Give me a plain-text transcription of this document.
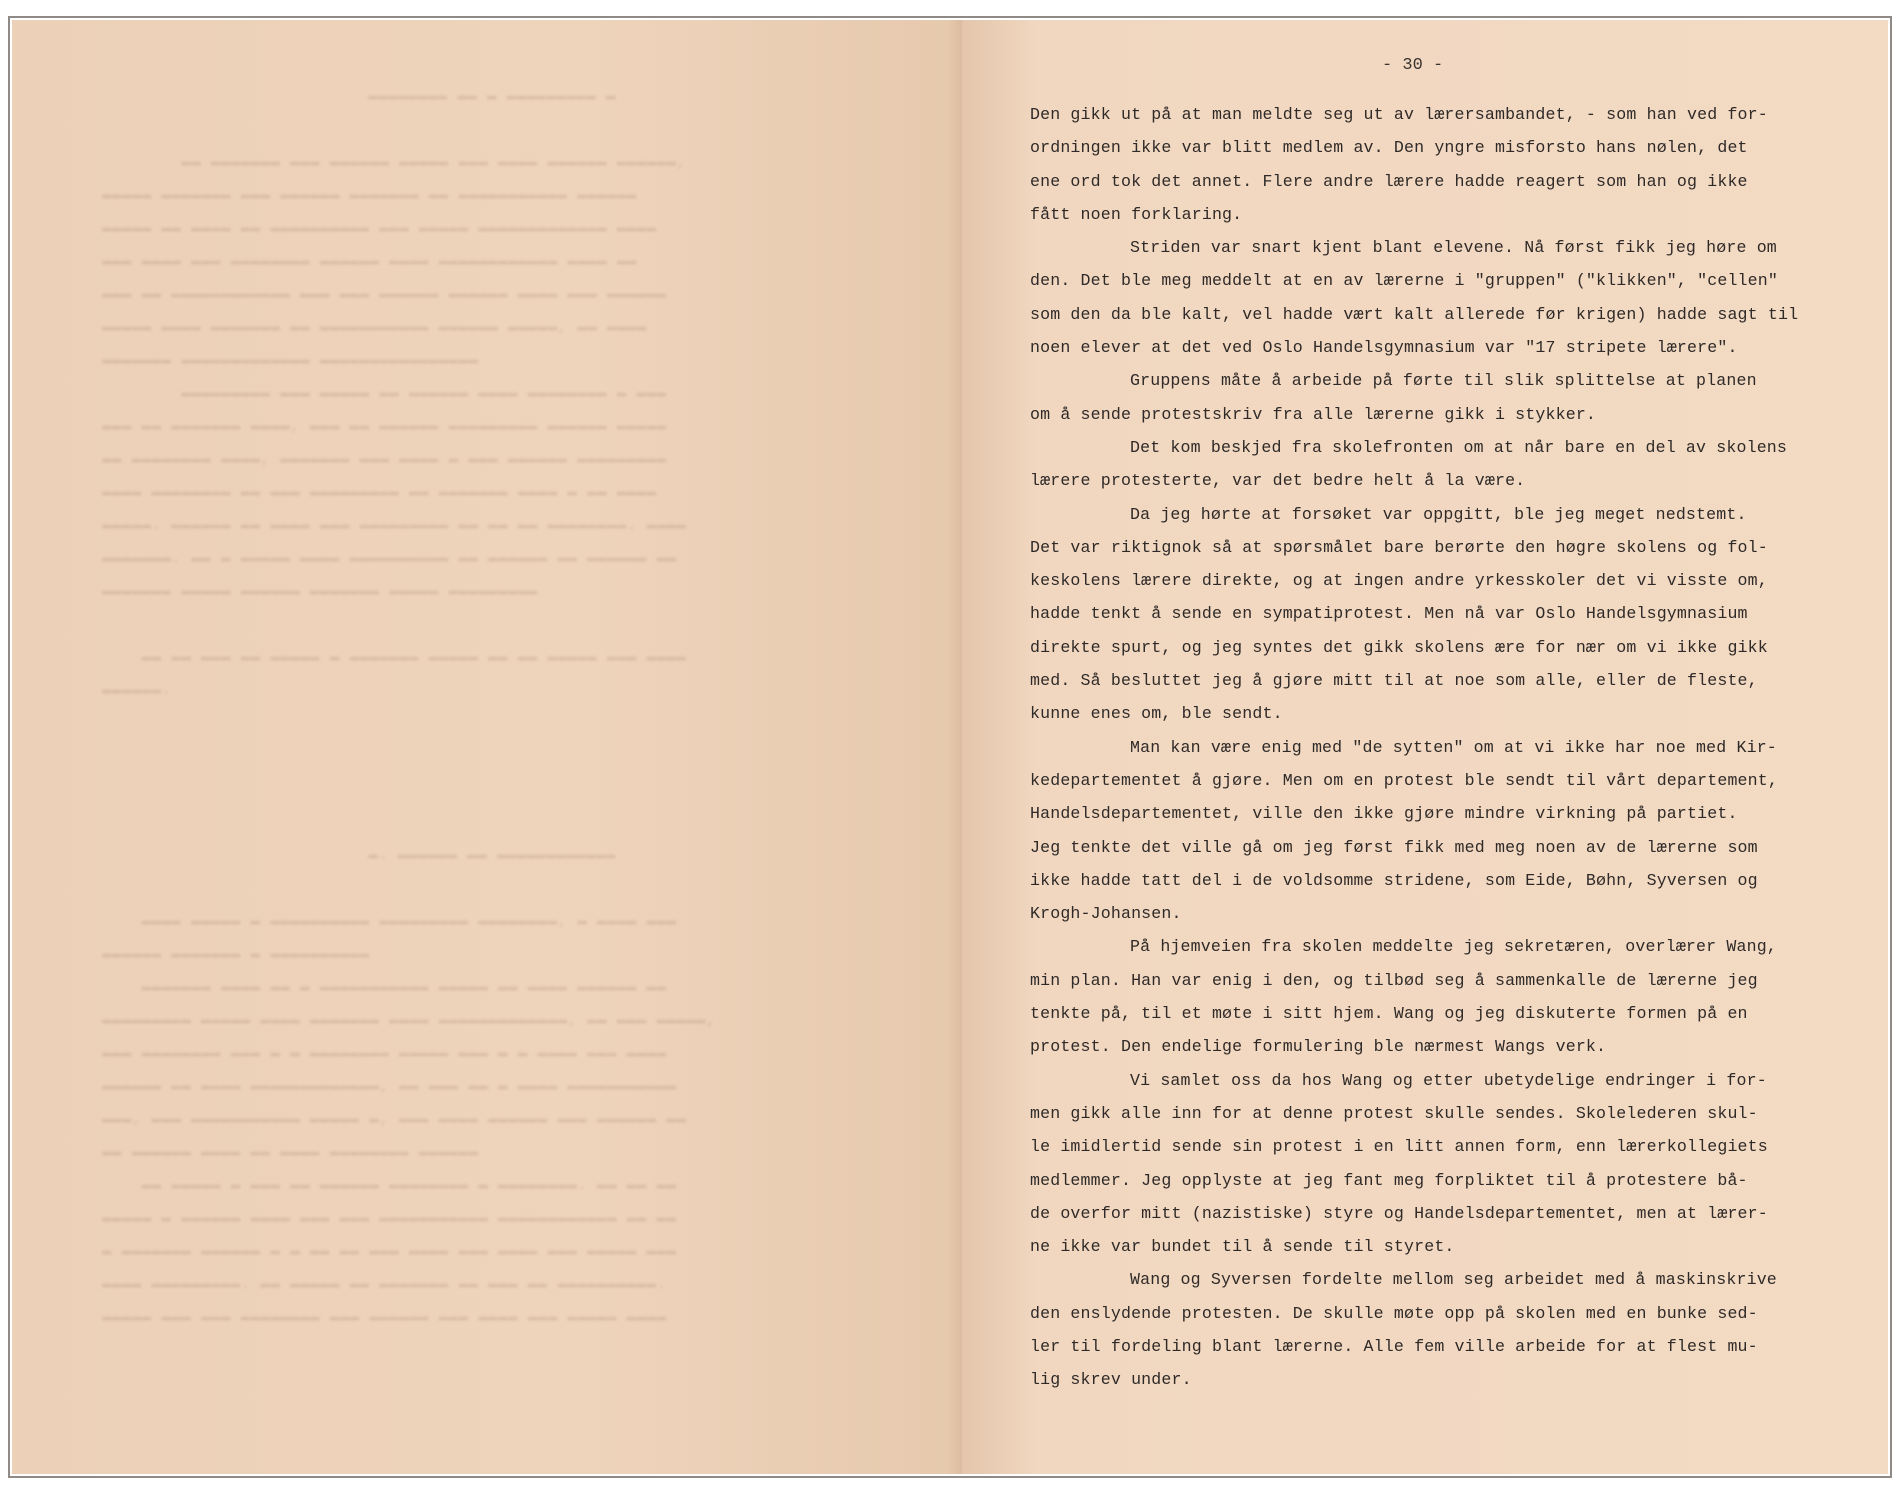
▬▬▬▬▬▬▬▬ ▬▬ ▬ ▬▬▬▬▬▬▬▬▬ ▬
▬▬ ▬▬▬▬▬▬▬ ▬▬▬ ▬▬▬▬▬▬ ▬▬▬▬▬ ▬▬▬ ▬▬▬▬ ▬▬▬▬▬▬ ▬▬▬▬▬▬,
▬▬▬▬▬ ▬▬▬▬▬▬▬ ▬▬▬ ▬▬▬▬▬▬ ▬▬▬▬▬▬▬ ▬▬ ▬▬▬▬▬▬▬▬▬▬▬ ▬▬▬▬▬▬
▬▬▬▬▬ ▬▬ ▬▬▬▬ ▬▬ ▬▬▬▬▬▬▬▬▬▬ ▬▬▬ ▬▬▬▬▬ ▬▬▬▬▬▬▬▬▬▬▬▬▬ ▬▬▬▬
▬▬▬ ▬▬▬▬ ▬▬▬ ▬▬▬▬▬▬▬▬ ▬▬▬▬▬▬ ▬▬▬▬ ▬▬▬▬▬▬▬▬▬▬▬▬ ▬▬▬▬ ▬▬
▬▬▬ ▬▬ ▬▬▬▬▬▬▬▬▬▬▬▬ ▬▬▬ ▬▬▬ ▬▬▬▬▬▬ ▬▬▬▬▬▬ ▬▬▬▬ ▬▬▬ ▬▬▬▬▬▬
▬▬▬▬▬ ▬▬▬▬ ▬▬▬▬▬▬▬ ▬▬ ▬▬▬▬▬▬▬▬▬▬▬ ▬▬▬▬▬▬ ▬▬▬▬▬, ▬▬ ▬▬▬▬
▬▬▬▬▬▬▬ ▬▬▬▬▬▬▬▬▬▬▬▬▬ ▬▬▬▬▬▬▬▬▬▬▬▬▬▬▬▬
▬▬▬▬▬▬▬▬▬ ▬▬▬ ▬▬▬▬▬ ▬▬ ▬▬▬▬▬▬ ▬▬▬▬ ▬▬▬▬▬▬▬▬ ▬ ▬▬▬
▬▬▬ ▬▬ ▬▬▬▬▬▬▬ ▬▬▬▬, ▬▬▬ ▬▬ ▬▬▬▬▬▬ ▬▬▬▬▬▬▬▬▬ ▬▬▬▬▬▬ ▬▬▬▬▬
▬▬ ▬▬▬▬▬▬▬▬ ▬▬▬▬, ▬▬▬▬▬▬▬ ▬▬▬ ▬▬▬▬ ▬ ▬▬▬ ▬▬▬▬▬▬ ▬▬▬▬▬▬▬▬▬
▬▬▬▬ ▬▬▬▬▬▬▬▬ ▬▬ ▬▬▬ ▬▬▬▬▬▬▬▬▬ ▬▬ ▬▬▬▬▬▬▬ ▬▬▬▬ ▬ ▬▬ ▬▬▬▬
▬▬▬▬▬. ▬▬▬▬▬▬ ▬▬ ▬▬▬▬ ▬▬▬ ▬▬▬▬▬▬▬▬▬ ▬▬ ▬▬ ▬▬ ▬▬▬▬▬▬▬▬. ▬▬▬▬
▬▬▬▬▬▬▬. ▬▬ ▬ ▬▬▬▬▬ ▬▬▬▬ ▬▬▬▬▬▬▬▬▬▬ ▬▬ ▬▬▬▬▬▬ ▬▬ ▬▬▬▬▬▬ ▬▬
▬▬▬▬▬▬▬ ▬▬▬▬▬ ▬▬▬▬▬▬ ▬▬▬▬▬▬▬ ▬▬▬▬▬ ▬▬▬▬▬▬▬▬▬
▬▬ ▬▬ ▬▬▬ ▬▬ ▬▬▬▬▬ ▬ ▬▬▬▬▬▬▬ ▬▬▬▬▬ ▬▬ ▬▬ ▬▬▬▬▬ ▬▬▬ ▬▬▬▬
▬▬▬▬▬▬.
▬. ▬▬▬▬▬▬ ▬▬ ▬▬▬▬▬▬▬▬▬▬▬▬
▬▬▬▬ ▬▬▬▬▬ ▬ ▬▬▬▬▬▬▬▬▬▬ ▬▬▬▬▬▬▬▬▬ ▬▬▬▬▬▬▬▬, ▬ ▬▬▬▬ ▬▬▬
▬▬▬▬▬▬ ▬▬▬▬▬▬▬ ▬ ▬▬▬▬▬▬▬▬▬▬
▬▬▬▬▬▬▬ ▬▬▬▬ ▬▬ ▬ ▬▬▬▬▬▬▬▬▬▬▬ ▬▬▬▬▬ ▬▬ ▬▬▬▬ ▬▬▬▬▬▬ ▬▬
▬▬▬▬▬▬▬▬▬ ▬▬▬▬▬ ▬▬▬▬ ▬▬▬▬▬▬▬ ▬▬▬▬ ▬▬▬▬▬▬▬▬▬▬▬▬▬, ▬▬ ▬▬▬ ▬▬▬▬▬,
▬▬▬ ▬▬▬▬▬▬▬▬ ▬▬▬ ▬ ▬ ▬▬▬▬▬▬▬▬ ▬▬▬▬▬ ▬▬▬ ▬ ▬ ▬▬▬▬ ▬▬▬ ▬▬▬▬
▬▬▬▬▬▬ ▬▬ ▬▬▬▬ ▬▬▬▬▬▬▬▬▬▬▬▬▬, ▬▬ ▬▬▬ ▬▬ ▬ ▬▬▬▬ ▬▬▬▬▬▬▬▬▬▬▬
▬▬▬, ▬▬▬ ▬▬▬▬▬▬▬▬▬▬▬ ▬▬▬▬▬ ▬, ▬▬▬ ▬▬▬▬ ▬▬▬▬▬▬ ▬▬▬ ▬▬▬▬▬▬ ▬▬
▬▬ ▬▬▬▬▬▬ ▬▬▬▬ ▬▬ ▬▬▬▬ ▬▬▬▬▬▬▬▬ ▬▬▬▬▬▬
▬▬ ▬▬▬▬▬ ▬ ▬▬▬ ▬▬ ▬▬▬▬▬▬ ▬▬▬▬▬▬▬▬ ▬ ▬▬▬▬▬▬▬▬. ▬▬ ▬▬ ▬▬
▬▬▬▬▬ ▬ ▬▬▬▬▬▬ ▬▬▬▬ ▬▬▬ ▬▬▬ ▬▬▬▬▬▬▬▬▬▬▬ ▬▬▬▬▬▬▬▬▬▬▬▬ ▬▬ ▬▬
▬ ▬▬▬▬▬▬▬ ▬▬▬▬▬▬ ▬ ▬ ▬▬ ▬▬ ▬▬▬ ▬▬▬▬ ▬▬▬ ▬▬▬▬ ▬▬▬ ▬▬▬▬▬ ▬▬▬
▬▬▬▬ ▬▬▬▬▬▬▬▬▬. ▬▬ ▬▬▬▬▬ ▬▬ ▬▬▬▬▬▬▬ ▬▬ ▬▬▬ ▬▬ ▬▬▬▬▬▬▬▬▬▬.
▬▬▬▬▬ ▬▬▬ ▬▬▬ ▬▬▬▬▬▬▬▬ ▬▬▬ ▬▬▬▬▬▬ ▬▬▬ ▬▬▬▬ ▬▬▬ ▬▬▬▬▬ ▬▬▬▬
- 30 -
Den gikk ut på at man meldte seg ut av lærersambandet, - som han ved for-
ordningen ikke var blitt medlem av. Den yngre misforsto hans nølen, det
ene ord tok det annet. Flere andre lærere hadde reagert som han og ikke
fått noen forklaring.
Striden var snart kjent blant elevene. Nå først fikk jeg høre om
den. Det ble meg meddelt at en av lærerne i "gruppen" ("klikken", "cellen"
som den da ble kalt, vel hadde vært kalt allerede før krigen) hadde sagt til
noen elever at det ved Oslo Handelsgymnasium var "17 stripete lærere".
Gruppens måte å arbeide på førte til slik splittelse at planen
om å sende protestskriv fra alle lærerne gikk i stykker.
Det kom beskjed fra skolefronten om at når bare en del av skolens
lærere protesterte, var det bedre helt å la være.
Da jeg hørte at forsøket var oppgitt, ble jeg meget nedstemt.
Det var riktignok så at spørsmålet bare berørte den høgre skolens og fol-
keskolens lærere direkte, og at ingen andre yrkesskoler det vi visste om,
hadde tenkt å sende en sympatiprotest. Men nå var Oslo Handelsgymnasium
direkte spurt, og jeg syntes det gikk skolens ære for nær om vi ikke gikk
med. Så besluttet jeg å gjøre mitt til at noe som alle, eller de fleste,
kunne enes om, ble sendt.
Man kan være enig med "de sytten" om at vi ikke har noe med Kir-
kedepartementet å gjøre. Men om en protest ble sendt til vårt departement,
Handelsdepartementet, ville den ikke gjøre mindre virkning på partiet.
Jeg tenkte det ville gå om jeg først fikk med meg noen av de lærerne som
ikke hadde tatt del i de voldsomme stridene, som Eide, Bøhn, Syversen og
Krogh-Johansen.
På hjemveien fra skolen meddelte jeg sekretæren, overlærer Wang,
min plan. Han var enig i den, og tilbød seg å sammenkalle de lærerne jeg
tenkte på, til et møte i sitt hjem. Wang og jeg diskuterte formen på en
protest. Den endelige formulering ble nærmest Wangs verk.
Vi samlet oss da hos Wang og etter ubetydelige endringer i for-
men gikk alle inn for at denne protest skulle sendes. Skolelederen skul-
le imidlertid sende sin protest i en litt annen form, enn lærerkollegiets
medlemmer. Jeg opplyste at jeg fant meg forpliktet til å protestere bå-
de overfor mitt (nazistiske) styre og Handelsdepartementet, men at lærer-
ne ikke var bundet til å sende til styret.
Wang og Syversen fordelte mellom seg arbeidet med å maskinskrive
den enslydende protesten. De skulle møte opp på skolen med en bunke sed-
ler til fordeling blant lærerne. Alle fem ville arbeide for at flest mu-
lig skrev under.
